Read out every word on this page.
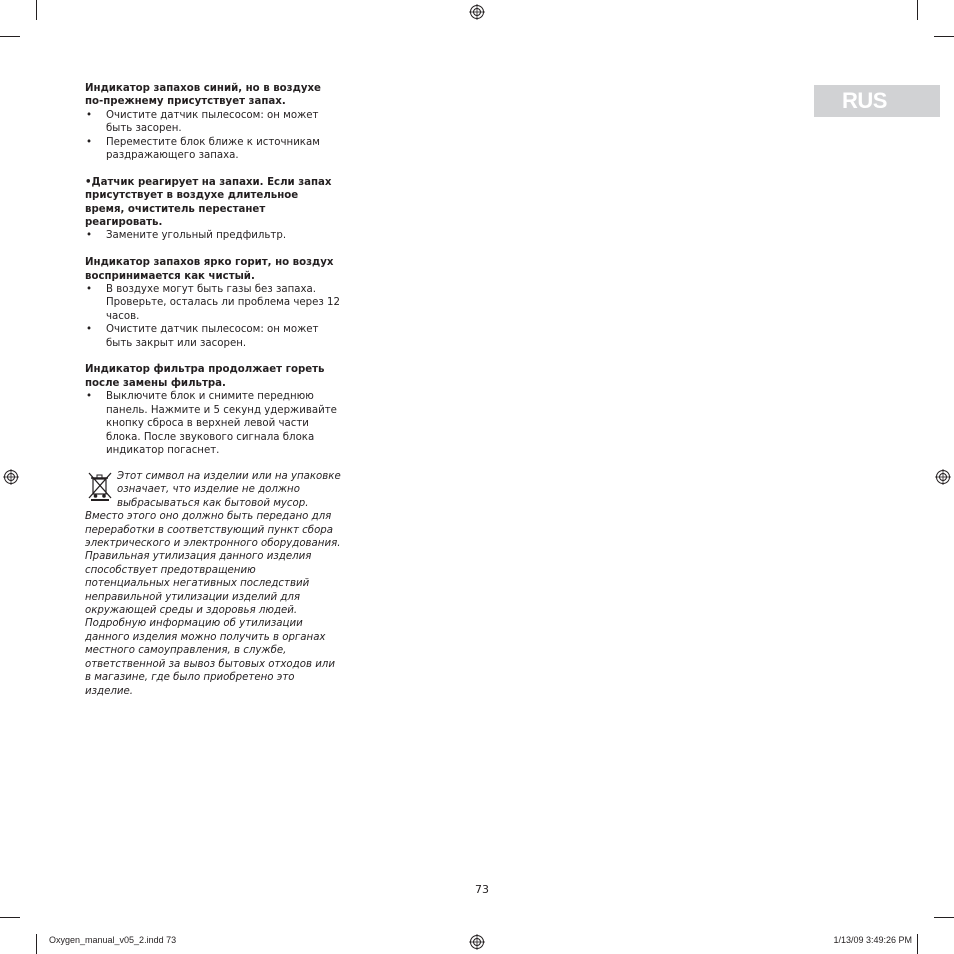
RUS

Индикатор запахов синий, но в воздухе по-прежнему присутствует запах.

• Очистите датчик пылесосом: он может быть засорен.
• Переместите блок ближе к источникам раздражающего запаха.

•Датчик реагирует на запахи. Если запах присутствует в воздухе длительное время, очиститель перестанет реагировать.

• Замените угольный предфильтр.

Индикатор запахов ярко горит, но воздух воспринимается как чистый.

• В воздухе могут быть газы без запаха. Проверьте, осталась ли проблема через 12 часов.
• Очистите датчик пылесосом: он может быть закрыт или засорен.

Индикатор фильтра продолжает гореть после замены фильтра.

• Выключите блок и снимите переднюю панель. Нажмите и 5 секунд удерживайте кнопку сброса в верхней левой части блока. После звукового сигнала блока индикатор погаснет.
Этот символ на изделии или на упаковке означает, что изделие не должно выбрасываться как бытовой мусор. Вместо этого оно должно быть передано для переработки в соответствующий пункт сбора электрического и электронного оборудования. Правильная утилизация данного изделия способствует предотвращению потенциальных негативных последствий неправильной утилизации изделий для окружающей среды и здоровья людей. Подробную информацию об утилизации данного изделия можно получить в органах местного самоуправления, в службе, ответственной за вывоз бытовых отходов или в магазине, где было приобретено это изделие.
73
Oxygen_manual_v05_2.indd 73	1/13/09 3:49:26 PM
